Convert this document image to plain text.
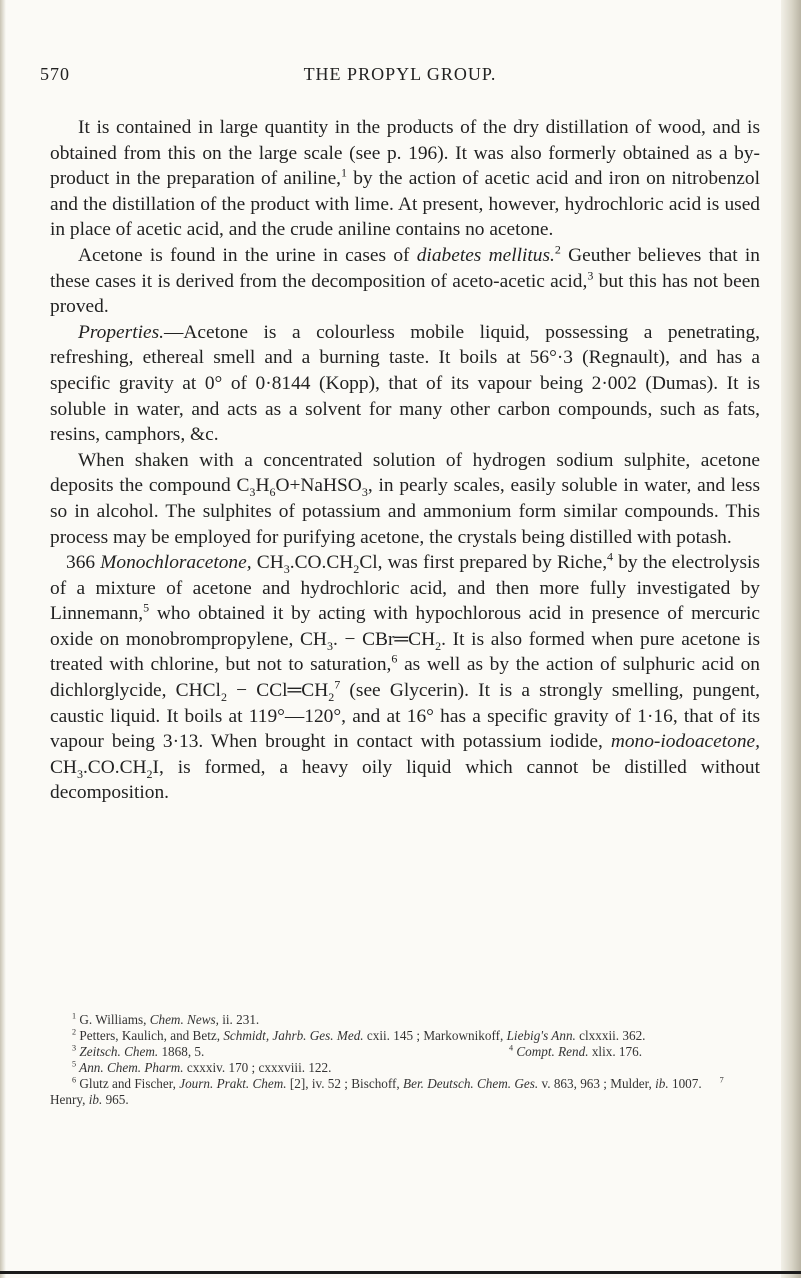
570	THE PROPYL GROUP.

It is contained in large quantity in the products of the dry distillation of wood, and is obtained from this on the large scale (see p. 196). It was also formerly obtained as a by-product in the preparation of aniline,$^1$ by the action of acetic acid and iron on nitrobenzol and the distillation of the product with lime. At present, however, hydrochloric acid is used in place of acetic acid, and the crude aniline contains no acetone.

Acetone is found in the urine in cases of diabetes mellitus.$^2$ Geuther believes that in these cases it is derived from the decomposition of aceto-acetic acid,$^3$ but this has not been proved.

Properties.—Acetone is a colourless mobile liquid, possessing a penetrating, refreshing, ethereal smell and a burning taste. It boils at 56°·3 (Regnault), and has a specific gravity at 0° of 0·8144 (Kopp), that of its vapour being 2·002 (Dumas). It is soluble in water, and acts as a solvent for many other carbon compounds, such as fats, resins, camphors, &c.

When shaken with a concentrated solution of hydrogen sodium sulphite, acetone deposits the compound $C_3H_6O+NaHSO_3$, in pearly scales, easily soluble in water, and less so in alcohol. The sulphites of potassium and ammonium form similar compounds. This process may be employed for purifying acetone, the crystals being distilled with potash.

366 Monochloracetone, $CH_3.CO.CH_2Cl$, was first prepared by Riche,$^4$ by the electrolysis of a mixture of acetone and hydrochloric acid, and then more fully investigated by Linnemann,$^5$ who obtained it by acting with hypochlorous acid in presence of mercuric oxide on monobrompropylene, $CH_3$. − $CBr═CH_2$. It is also formed when pure acetone is treated with chlorine, but not to saturation,$^6$ as well as by the action of sulphuric acid on dichlorglycide, CHCl$_2$ − $CCl═CH_2^7$ (see Glycerin). It is a strongly smelling, pungent, caustic liquid. It boils at 119°—120°, and at 16° has a specific gravity of 1·16, that of its vapour being 3·13. When brought in contact with potassium iodide, mono-iodoacetone, $CH_3.CO.CH_2I$, is formed, a heavy oily liquid which cannot be distilled without decomposition.

$^1$ G. Williams, Chem. News, ii. 231.
$^2$ Petters, Kaulich, and Betz, Schmidt, Jahrb. Ges. Med. cxii. 145 ; Markownikoff, Liebig's Ann. clxxxii. 362.
$^3$ Zeitsch. Chem. 1868, 5.	$^4$ Compt. Rend. xlix. 176.
$^5$ Ann. Chem. Pharm. cxxxiv. 170 ; cxxxviii. 122.
$^6$ Glutz and Fischer, Journ. Prakt. Chem. [2], iv. 52 ; Bischoff, Ber. Deutsch. Chem. Ges. v. 863, 963 ; Mulder, ib. 1007. $^7$ Henry, ib. 965.
